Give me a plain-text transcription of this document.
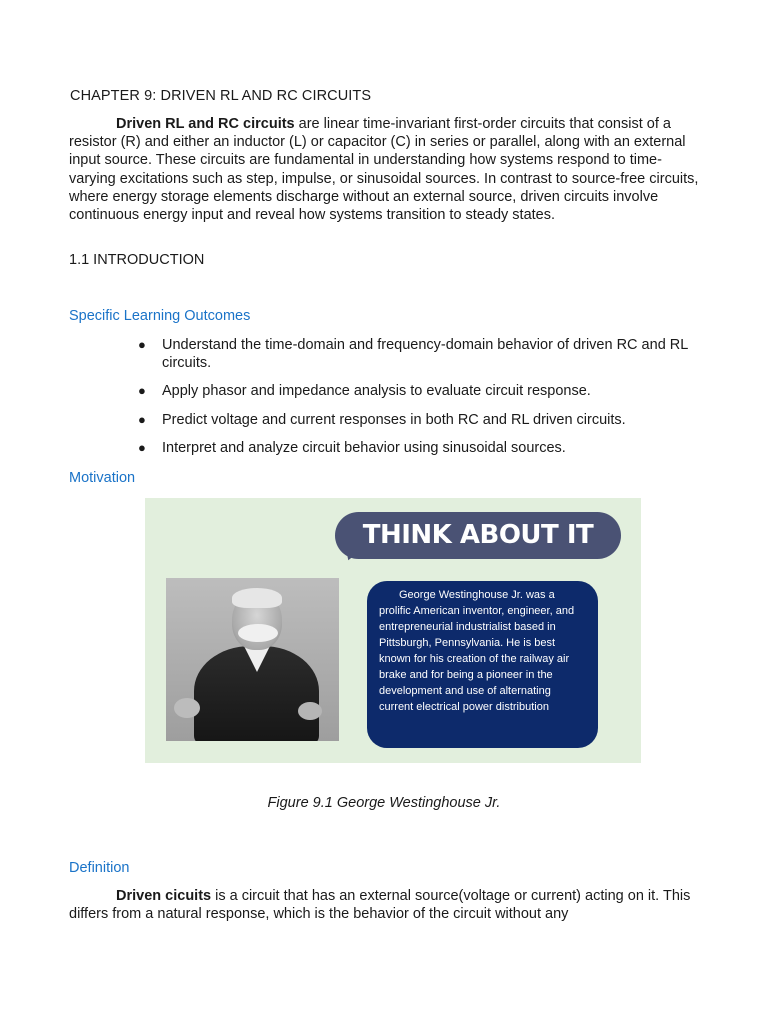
CHAPTER 9: DRIVEN RL AND RC CIRCUITS

Driven RL and RC circuits are linear time-invariant first-order circuits that consist of a resistor (R) and either an inductor (L) or capacitor (C) in series or parallel, along with an external input source. These circuits are fundamental in understanding how systems respond to time-varying excitations such as step, impulse, or sinusoidal sources. In contrast to source-free circuits, where energy storage elements discharge without an external source, driven circuits involve continuous energy input and reveal how systems transition to steady states.

1.1 INTRODUCTION
Specific Learning Outcomes
● Understand the time-domain and frequency-domain behavior of driven RC and RL circuits.
● Apply phasor and impedance analysis to evaluate circuit response.
● Predict voltage and current responses in both RC and RL driven circuits.
● Interpret and analyze circuit behavior using sinusoidal sources.
Motivation
THINK ABOUT IT
George Westinghouse Jr. was a prolific American inventor, engineer, and entrepreneurial industrialist based in Pittsburgh, Pennsylvania. He is best known for his creation of the railway air brake and for being a pioneer in the development and use of alternating current electrical power distribution

Figure 9.1 George Westinghouse Jr.

Definition

Driven cicuits is a circuit that has an external source(voltage or current) acting on it. This differs from a natural response, which is the behavior of the circuit without any
